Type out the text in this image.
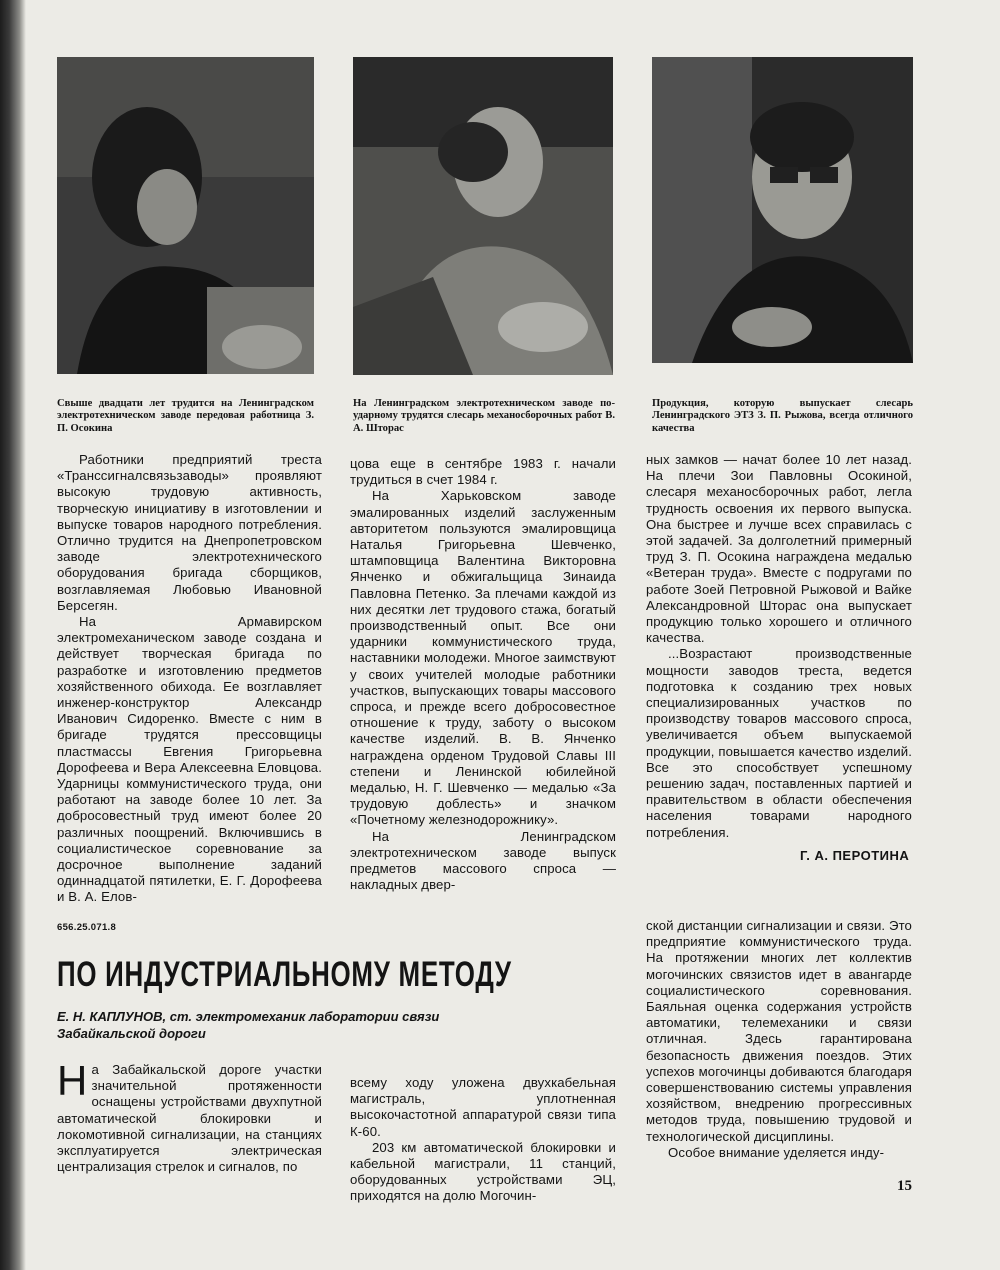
Свыше двадцати лет трудится на Ленинградском электротехническом заводе передовая работница З. П. Осокина
На Ленинградском электротехническом заводе по-ударному трудятся слесарь механосборочных работ В. А. Шторас
Продукция, которую выпускает слесарь Ленинградского ЭТЗ З. П. Рыжова, всегда отличного качества

Работники предприятий треста «Транссигналсвязьзаводы» проявляют высокую трудовую активность, творческую инициативу в изготовлении и выпуске товаров народного потребления. Отлично трудится на Днепропетровском заводе электротехнического оборудования бригада сборщиков, возглавляемая Любовью Ивановной Берсегян.

На Армавирском электромеханическом заводе создана и действует творческая бригада по разработке и изготовлению предметов хозяйственного обихода. Ее возглавляет инженер-конструктор Александр Иванович Сидоренко. Вместе с ним в бригаде трудятся прессовщицы пластмассы Евгения Григорьевна Дорофеева и Вера Алексеевна Еловцова. Ударницы коммунистического труда, они работают на заводе более 10 лет. За добросовестный труд имеют более 20 различных поощрений. Включившись в социалистическое соревнование за досрочное выполнение заданий одиннадцатой пятилетки, Е. Г. Дорофеева и В. А. Елов-

цова еще в сентябре 1983 г. начали трудиться в счет 1984 г.

На Харьковском заводе эмалированных изделий заслуженным авторитетом пользуются эмалировщица Наталья Григорьевна Шевченко, штамповщица Валентина Викторовна Янченко и обжигальщица Зинаида Павловна Петенко. За плечами каждой из них десятки лет трудового стажа, богатый производственный опыт. Все они ударники коммунистического труда, наставники молодежи. Многое заимствуют у своих учителей молодые работники участков, выпускающих товары массового спроса, и прежде всего добросовестное отношение к труду, заботу о высоком качестве изделий. В. В. Янченко награждена орденом Трудовой Славы III степени и Ленинской юбилейной медалью, Н. Г. Шевченко — медалью «За трудовую доблесть» и значком «Почетному железнодорожнику».

На Ленинградском электротехническом заводе выпуск предметов массового спроса — накладных двер-

ных замков — начат более 10 лет назад. На плечи Зои Павловны Осокиной, слесаря механосборочных работ, легла трудность освоения их первого выпуска. Она быстрее и лучше всех справилась с этой задачей. За долголетний примерный труд З. П. Осокина награждена медалью «Ветеран труда». Вместе с подругами по работе Зоей Петровной Рыжовой и Вайке Александровной Шторас она выпускает продукцию только хорошего и отличного качества.

...Возрастают производственные мощности заводов треста, ведется подготовка к созданию трех новых специализированных участков по производству товаров массового спроса, увеличивается объем выпускаемой продукции, повышается качество изделий. Все это способствует успешному решению задач, поставленных партией и правительством в области обеспечения населения товарами народного потребления.

Г. А. ПЕРОТИНА
656.25.071.8
ПО ИНДУСТРИАЛЬНОМУ МЕТОДУ
Е. Н. КАПЛУНОВ, ст. электромеханик лаборатории связи Забайкальской дороги

На Забайкальской дороге участки значительной протяженности оснащены устройствами двухпутной автоматической блокировки и локомотивной сигнализации, на станциях эксплуатируется электрическая централизация стрелок и сигналов, по

всему ходу уложена двухкабельная магистраль, уплотненная высокочастотной аппаратурой связи типа К-60.

203 км автоматической блокировки и кабельной магистрали, 11 станций, оборудованных устройствами ЭЦ, приходятся на долю Могочин-

ской дистанции сигнализации и связи. Это предприятие коммунистического труда. На протяжении многих лет коллектив могочинских связистов идет в авангарде социалистического соревнования. Баяльная оценка содержания устройств автоматики, телемеханики и связи отличная. Здесь гарантирована безопасность движения поездов. Этих успехов могочинцы добиваются благодаря совершенствованию системы управления хозяйством, внедрению прогрессивных методов труда, повышению трудовой и технологической дисциплины.

Особое внимание уделяется инду-

15
